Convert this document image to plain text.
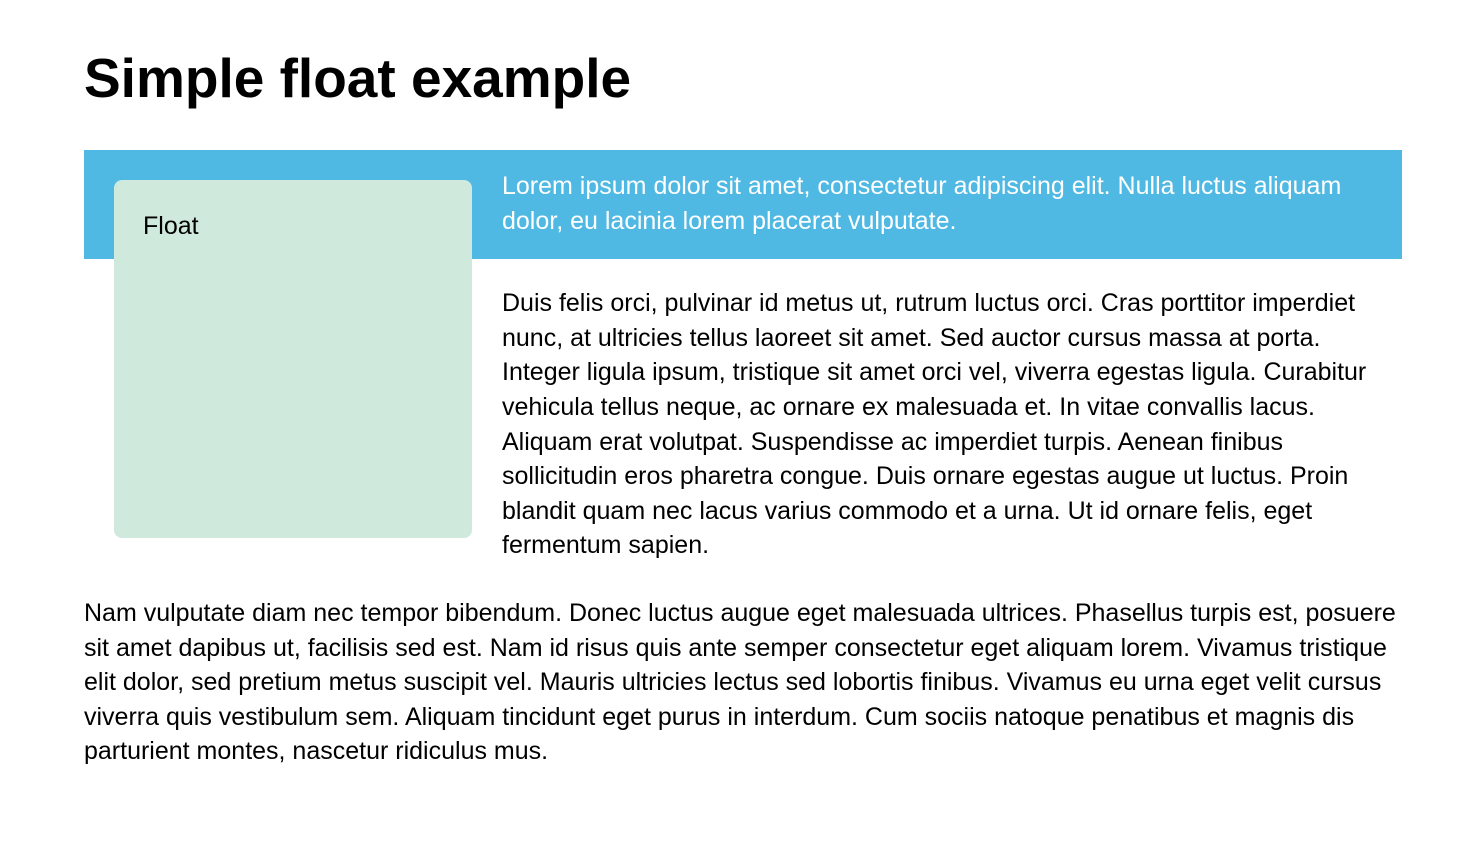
Simple float example
Float

Lorem ipsum dolor sit amet, consectetur adipiscing elit. Nulla luctus aliquam dolor, eu lacinia lorem placerat vulputate.

Duis felis orci, pulvinar id metus ut, rutrum luctus orci. Cras porttitor imperdiet nunc, at ultricies tellus laoreet sit amet. Sed auctor cursus massa at porta. Integer ligula ipsum, tristique sit amet orci vel, viverra egestas ligula. Curabitur vehicula tellus neque, ac ornare ex malesuada et. In vitae convallis lacus. Aliquam erat volutpat. Suspendisse ac imperdiet turpis. Aenean finibus sollicitudin eros pharetra congue. Duis ornare egestas augue ut luctus. Proin blandit quam nec lacus varius commodo et a urna. Ut id ornare felis, eget fermentum sapien.

Nam vulputate diam nec tempor bibendum. Donec luctus augue eget malesuada ultrices. Phasellus turpis est, posuere sit amet dapibus ut, facilisis sed est. Nam id risus quis ante semper consectetur eget aliquam lorem. Vivamus tristique elit dolor, sed pretium metus suscipit vel. Mauris ultricies lectus sed lobortis finibus. Vivamus eu urna eget velit cursus viverra quis vestibulum sem. Aliquam tincidunt eget purus in interdum. Cum sociis natoque penatibus et magnis dis parturient montes, nascetur ridiculus mus.
